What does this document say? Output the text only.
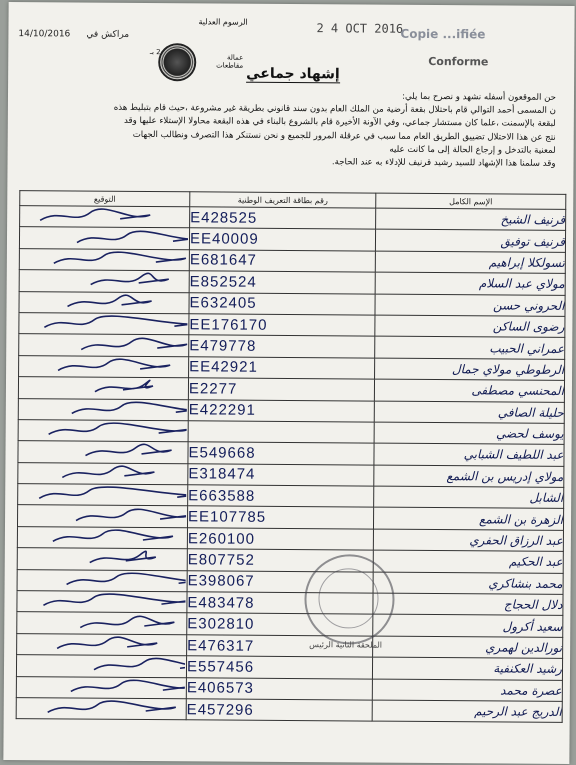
14/10/2016 مراكش في
الرسوم العدلية
عمالة مقاطعات
2 بـ
2 4 OCT 2016
Copie ...ifiée
Conforme
إشهاد جماعي

حن الموقعون أسفله نشهد و نصرح بما يلي:

ن المسمى أحمد التوالي قام باحتلال بقعة أرضية من الملك العام بدون سند قانوني بطريقة غير مشروعة ،حيث قام بتبليط هذه

لبقعة بالإسمنت ،علما كان مستشار جماعي، وفي الآونة الأخيرة قام بالشروع بالبناء في هذه البقعة محاولا الإستلاء عليها وقد

نتج عن هذا الاحتلال تضييق الطريق العام مما سبب في عرقلة المرور للجميع و نحن نستنكر هذا التصرف ونطالب الجهات

لمعنية بالتدخل و إرجاع الحالة إلى ما كانت عليه

وقد سلمنا هذا الإشهاد للسيد رشيد قرنيف للإدلاء به عند الحاجة.

التوقيع	رقم بطاقة التعريف الوطنية	الإسم الكامل

	E428525	قرنيف الشيخ

	EE40009	قرنيف توفيق

	E681647	تسولكلا إبراهيم

	E852524	مولاي عبد السلام

	E632405	الحروني حسن

	EE176170	رضوى الساكن

	E479778	عمراني الحبيب

	EE42921	الرطوطي مولاي جمال

	E2277	المحنسي مصطفى

	E422291	حليلة الصافي

		يوسف لحضي

	E549668	عبد اللطيف الشبابي

	E318474	مولاي إدريس بن الشمع

	E663588	الشابل

	EE107785	الزهرة بن الشمع

	E260100	عبد الرزاق الحفري

	E807752	عبد الحكيم

	E398067	محمد بنشاكري

	E483478	دلال الحجاج

	E302810	سعيد أكرول

	E476317	نورالدين لهمري

	E557456	رشيد العكنفية

	E406573	عصرة محمد

	E457296	الدريج عبد الرحيم
الملحقة الثانية الرئيس
